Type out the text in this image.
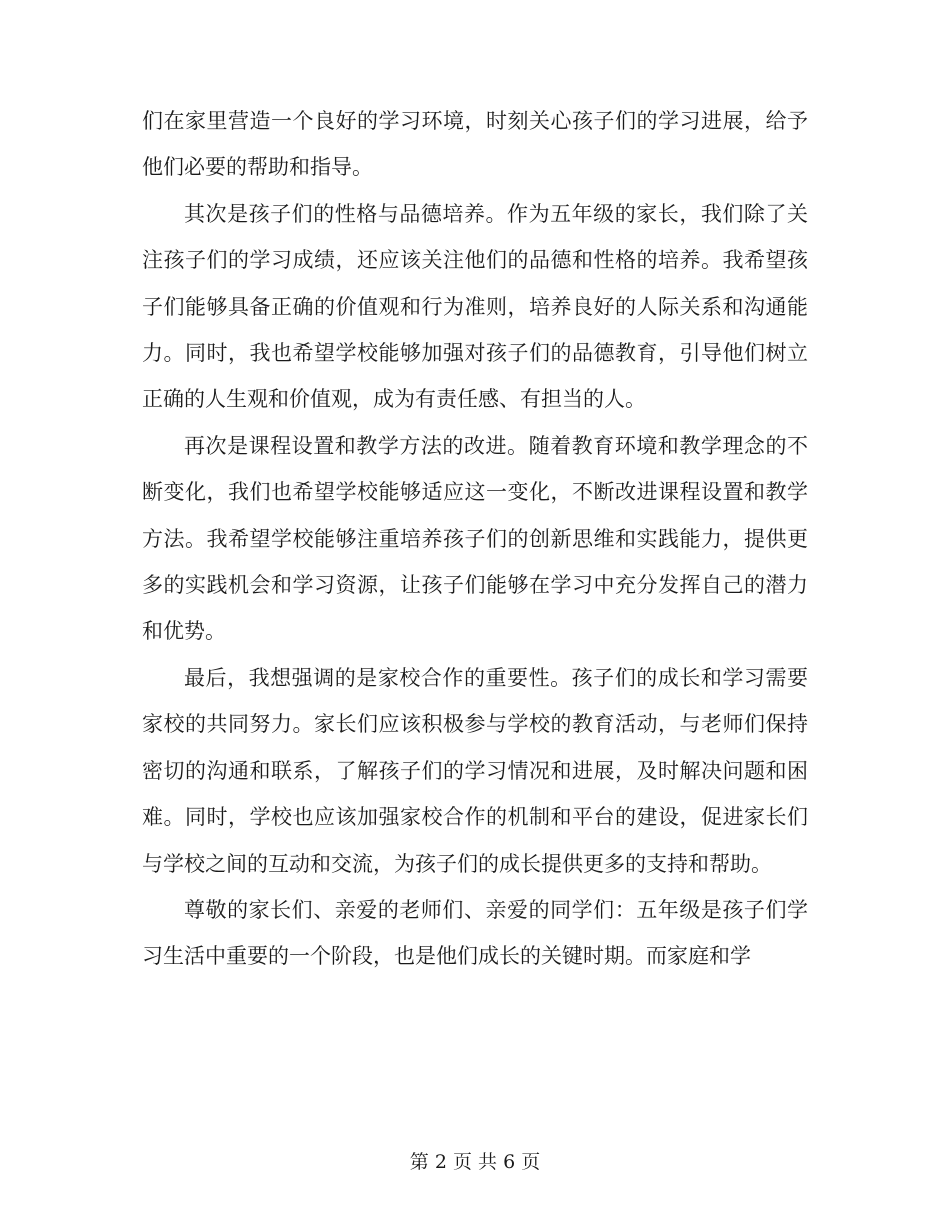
们在家里营造一个良好的学习环境，时刻关心孩子们的学习进展，给予他们必要的帮助和指导。

其次是孩子们的性格与品德培养。作为五年级的家长，我们除了关注孩子们的学习成绩，还应该关注他们的品德和性格的培养。我希望孩子们能够具备正确的价值观和行为准则，培养良好的人际关系和沟通能力。同时，我也希望学校能够加强对孩子们的品德教育，引导他们树立正确的人生观和价值观，成为有责任感、有担当的人。

再次是课程设置和教学方法的改进。随着教育环境和教学理念的不断变化，我们也希望学校能够适应这一变化，不断改进课程设置和教学方法。我希望学校能够注重培养孩子们的创新思维和实践能力，提供更多的实践机会和学习资源，让孩子们能够在学习中充分发挥自己的潜力和优势。

最后，我想强调的是家校合作的重要性。孩子们的成长和学习需要家校的共同努力。家长们应该积极参与学校的教育活动，与老师们保持密切的沟通和联系，了解孩子们的学习情况和进展，及时解决问题和困难。同时，学校也应该加强家校合作的机制和平台的建设，促进家长们与学校之间的互动和交流，为孩子们的成长提供更多的支持和帮助。

尊敬的家长们、亲爱的老师们、亲爱的同学们：五年级是孩子们学习生活中重要的一个阶段，也是他们成长的关键时期。而家庭和学

第 2 页 共 6 页
